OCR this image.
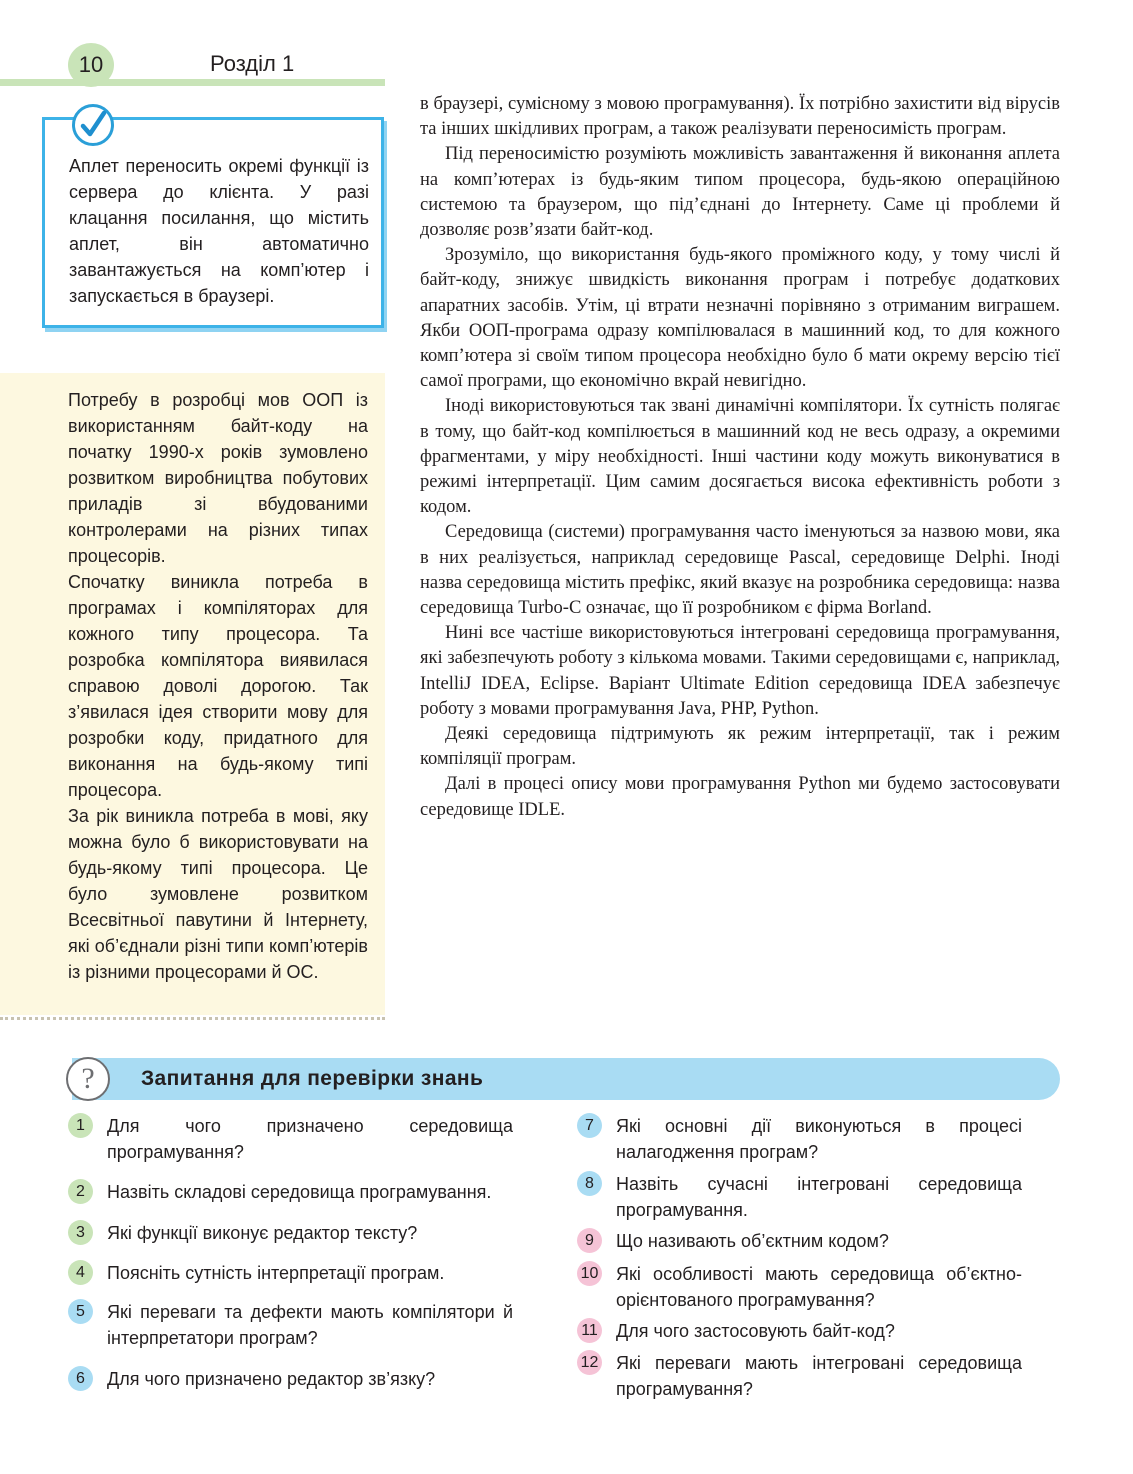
10	Розділ 1
Аплет переносить окремі функції із сервера до клієнта. У разі клацання посилання, що містить аплет, він автоматично завантажується на комп’ютер і запускається в браузері.

Потребу в розробці мов ООП із використанням байт-коду на початку 1990-х років зумовлено розвитком виробництва побутових приладів зі вбудованими контролерами на різних типах процесорів.

Спочатку виникла потреба в програмах і компіляторах для кожного типу процесора. Та розробка компілятора виявилася справою доволі дорогою. Так з’явилася ідея створити мову для розробки коду, придатного для виконання на будь-якому типі процесора.

За рік виникла потреба в мові, яку можна було б використовувати на будь-якому типі процесора. Це було зумовлене розвитком Всесвітньої павутини й Інтернету, які об’єднали різні типи комп’ютерів із різними процесорами й ОС.

в браузері, сумісному з мовою програмування). Їх потрібно захистити від вірусів та інших шкідливих програм, а також реалізувати переносимість програм.

Під переносимістю розуміють можливість завантаження й виконання аплета на комп’ютерах із будь-яким типом процесора, будь-якою операційною системою та браузером, що під’єднані до Інтернету. Саме ці проблеми й дозволяє розв’язати байт-код.

Зрозуміло, що використання будь-якого проміжного коду, у тому числі й байт-коду, знижує швидкість виконання програм і потребує додаткових апаратних засобів. Утім, ці втрати незначні порівняно з отриманим виграшем. Якби ООП-програма одразу компілювалася в машинний код, то для кожного комп’ютера зі своїм типом процесора необхідно було б мати окрему версію тієї самої програми, що економічно вкрай невигідно.

Іноді використовуються так звані динамічні компілятори. Їх сутність полягає в тому, що байт-код компілюється в машинний код не весь одразу, а окремими фрагментами, у міру необхідності. Інші частини коду можуть виконуватися в режимі інтерпретації. Цим самим досягається висока ефективність роботи з кодом.

Середовища (системи) програмування часто іменуються за назвою мови, яка в них реалізується, наприклад середовище Pascal, середовище Delphi. Іноді назва середовища містить префікс, який вказує на розробника середовища: назва середовища Turbo-C означає, що її розробником є фірма Borland.

Нині все частіше використовуються інтегровані середовища програмування, які забезпечують роботу з кількома мовами. Такими середовищами є, наприклад, IntelliJ IDEA, Eclipse. Варіант Ultimate Edition середовища IDEA забезпечує роботу з мовами програмування Java, PHP, Python.

Деякі середовища підтримують як режим інтерпретації, так і режим компіляції програм.

Далі в процесі опису мови програмування Python ми будемо застосовувати середовище IDLE.

?	Запитання для перевірки знань
1	Для чого призначено середовища програмування?
2	Назвіть складові середовища програмування.
3	Які функції виконує редактор тексту?
4	Поясніть сутність інтерпретації програм.
5	Які переваги та дефекти мають компілятори й інтерпретатори програм?
6	Для чого призначено редактор зв’язку?
7	Які основні дії виконуються в процесі налагодження програм?
8	Назвіть сучасні інтегровані середовища програмування.
9	Що називають об’єктним кодом?
10 Які особливості мають середовища об’єктно-орієнтованого програмування?
11 Для чого застосовують байт-код?
12 Які переваги мають інтегровані середовища програмування?
